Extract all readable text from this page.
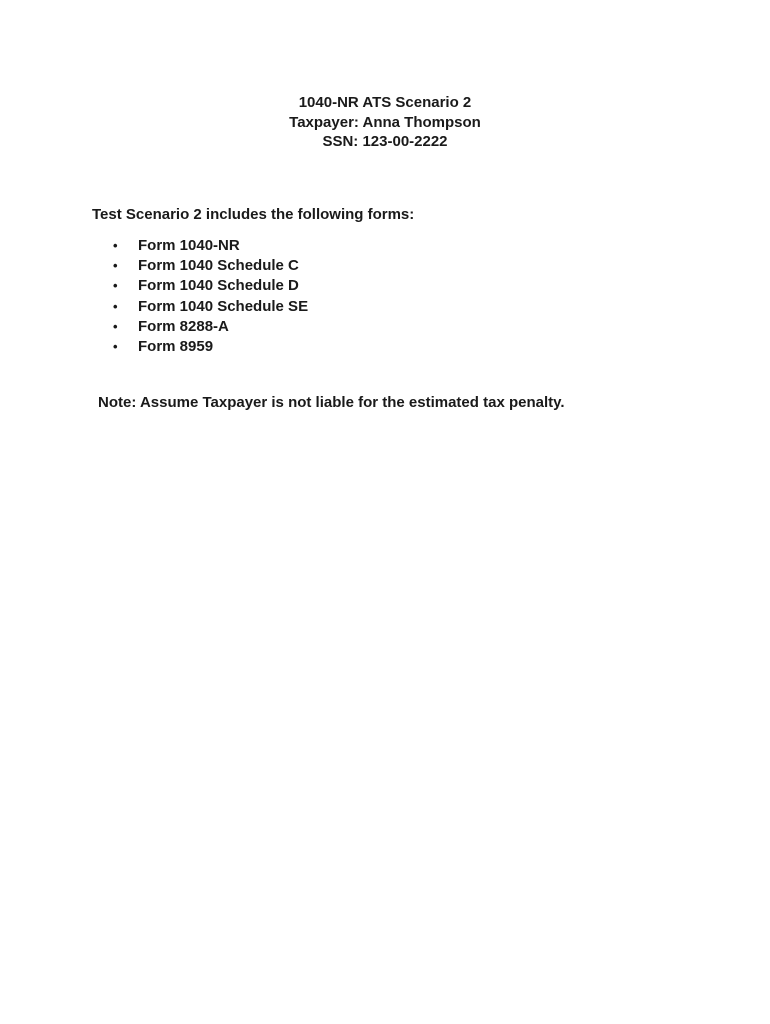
1040-NR ATS Scenario 2
Taxpayer: Anna Thompson
SSN: 123-00-2222
Test Scenario 2 includes the following forms:
•	Form 1040-NR
•	Form 1040 Schedule C
•	Form 1040 Schedule D
•	Form 1040 Schedule SE
•	Form 8288-A
•	Form 8959
Note: Assume Taxpayer is not liable for the estimated tax penalty.
